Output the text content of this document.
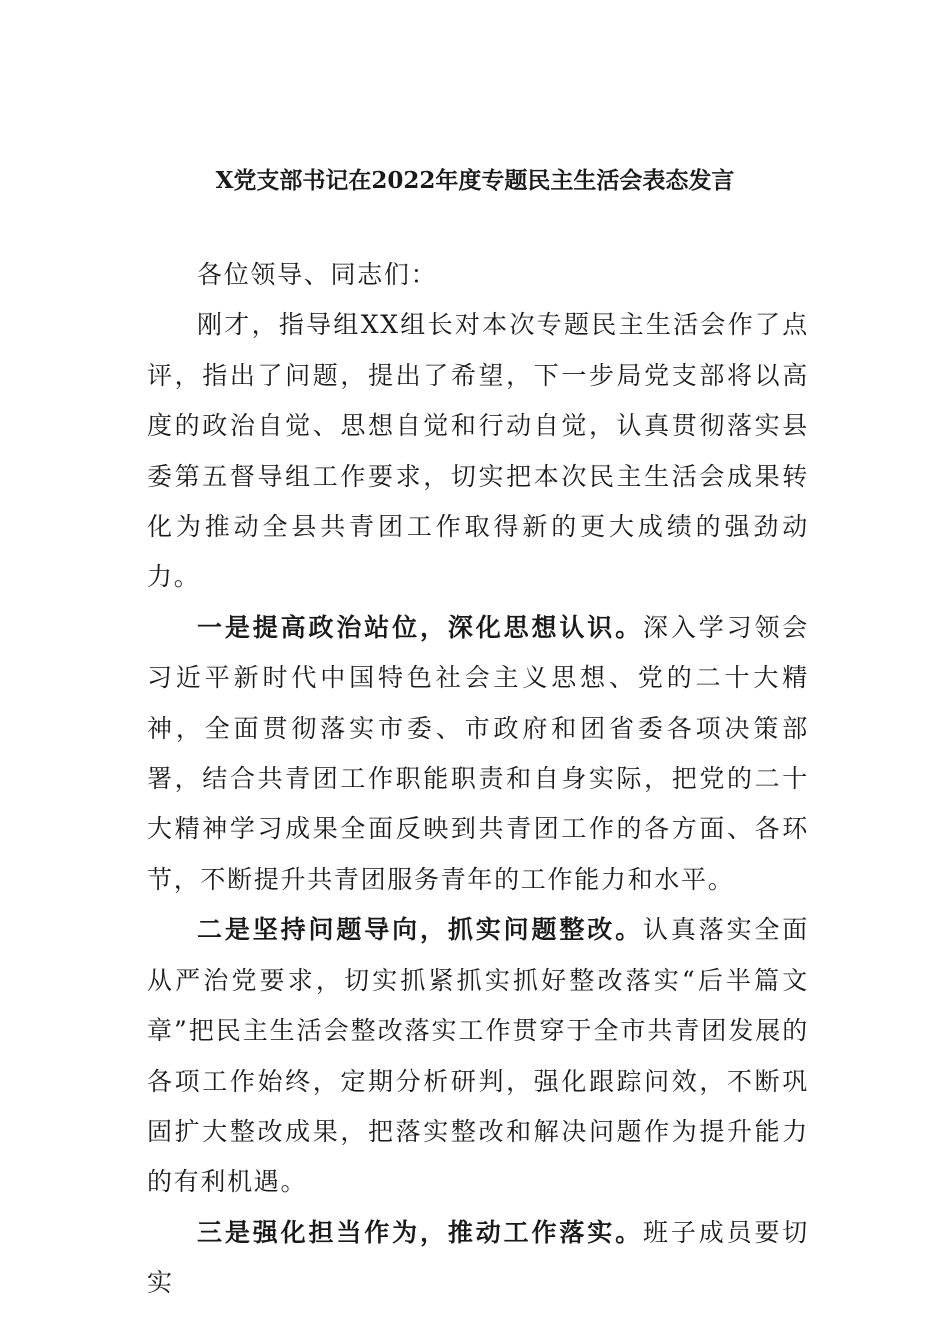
X党支部书记在2022年度专题民主生活会表态发言

各位领导、同志们：

刚才，指导组XX组长对本次专题民主生活会作了点评，指出了问题，提出了希望，下一步局党支部将以高度的政治自觉、思想自觉和行动自觉，认真贯彻落实县委第五督导组工作要求，切实把本次民主生活会成果转化为推动全县共青团工作取得新的更大成绩的强劲动力。

一是提高政治站位，深化思想认识。深入学习领会习近平新时代中国特色社会主义思想、党的二十大精神，全面贯彻落实市委、市政府和团省委各项决策部署，结合共青团工作职能职责和自身实际，把党的二十大精神学习成果全面反映到共青团工作的各方面、各环节，不断提升共青团服务青年的工作能力和水平。

二是坚持问题导向，抓实问题整改。认真落实全面从严治党要求，切实抓紧抓实抓好整改落实“后半篇文章”把民主生活会整改落实工作贯穿于全市共青团发展的各项工作始终，定期分析研判，强化跟踪问效，不断巩固扩大整改成果，把落实整改和解决问题作为提升能力的有利机遇。

三是强化担当作为，推动工作落实。班子成员要切实
